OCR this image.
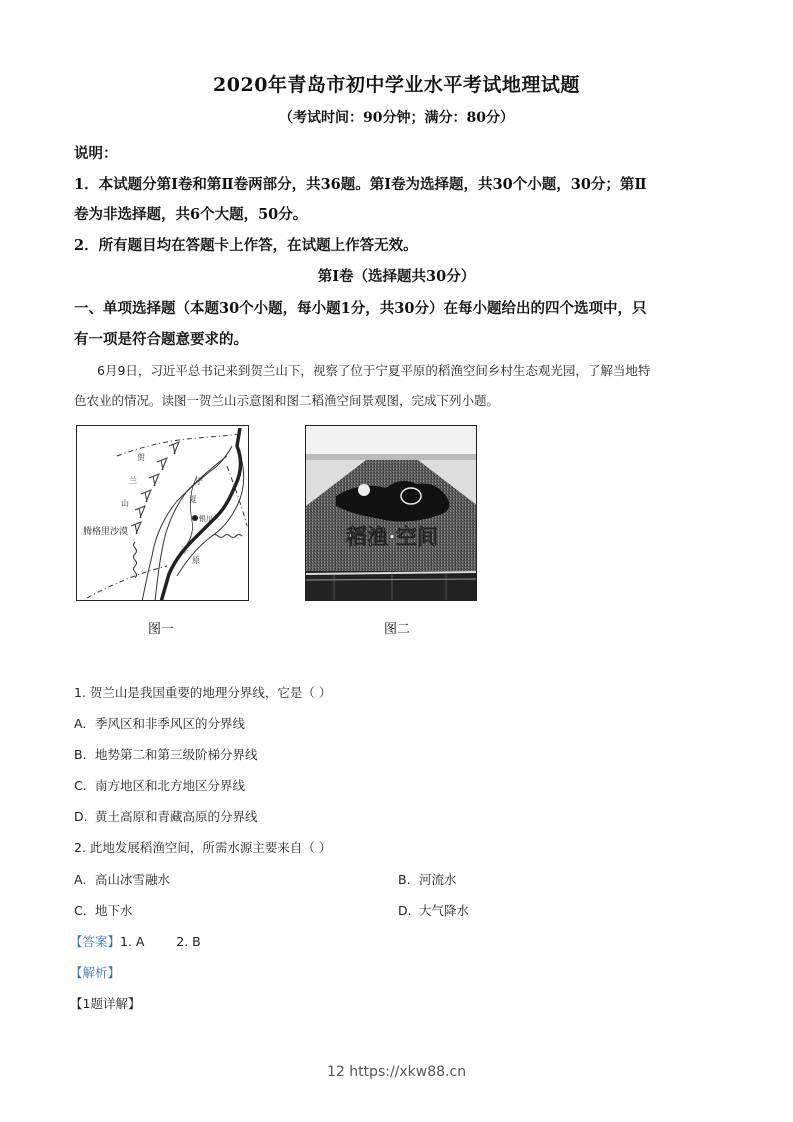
2020年青岛市初中学业水平考试地理试题
（考试时间：90分钟；满分：80分）
说明：
1．本试题分第Ⅰ卷和第Ⅱ卷两部分，共36题。第Ⅰ卷为选择题，共30个小题，30分；第Ⅱ
卷为非选择题，共6个大题，50分。
2．所有题目均在答题卡上作答，在试题上作答无效。
第Ⅰ卷（选择题共30分）
一、单项选择题（本题30个小题，每小题1分，共30分）在每小题给出的四个选项中，只
有一项是符合题意要求的。
6月9日，习近平总书记来到贺兰山下，视察了位于宁夏平原的稻渔空间乡村生态观光园，了解当地特
色农业的情况。读图一贺兰山示意图和图二稻渔空间景观图，完成下列小题。
腾格里沙漠
贺
兰
山
宁
夏
平
原
银川
稻渔·空间
图一	图二
1. 贺兰山是我国重要的地理分界线，它是（ ）
A. 季风区和非季风区的分界线
B. 地势第二和第三级阶梯分界线
C. 南方地区和北方地区分界线
D. 黄土高原和青藏高原的分界线
2. 此地发展稻渔空间，所需水源主要来自（ ）
A. 高山冰雪融水	B. 河流水
C. 地下水	D. 大气降水
【答案】1. A        2. B
【解析】
【1题详解】
12 https://xkw88.cn
